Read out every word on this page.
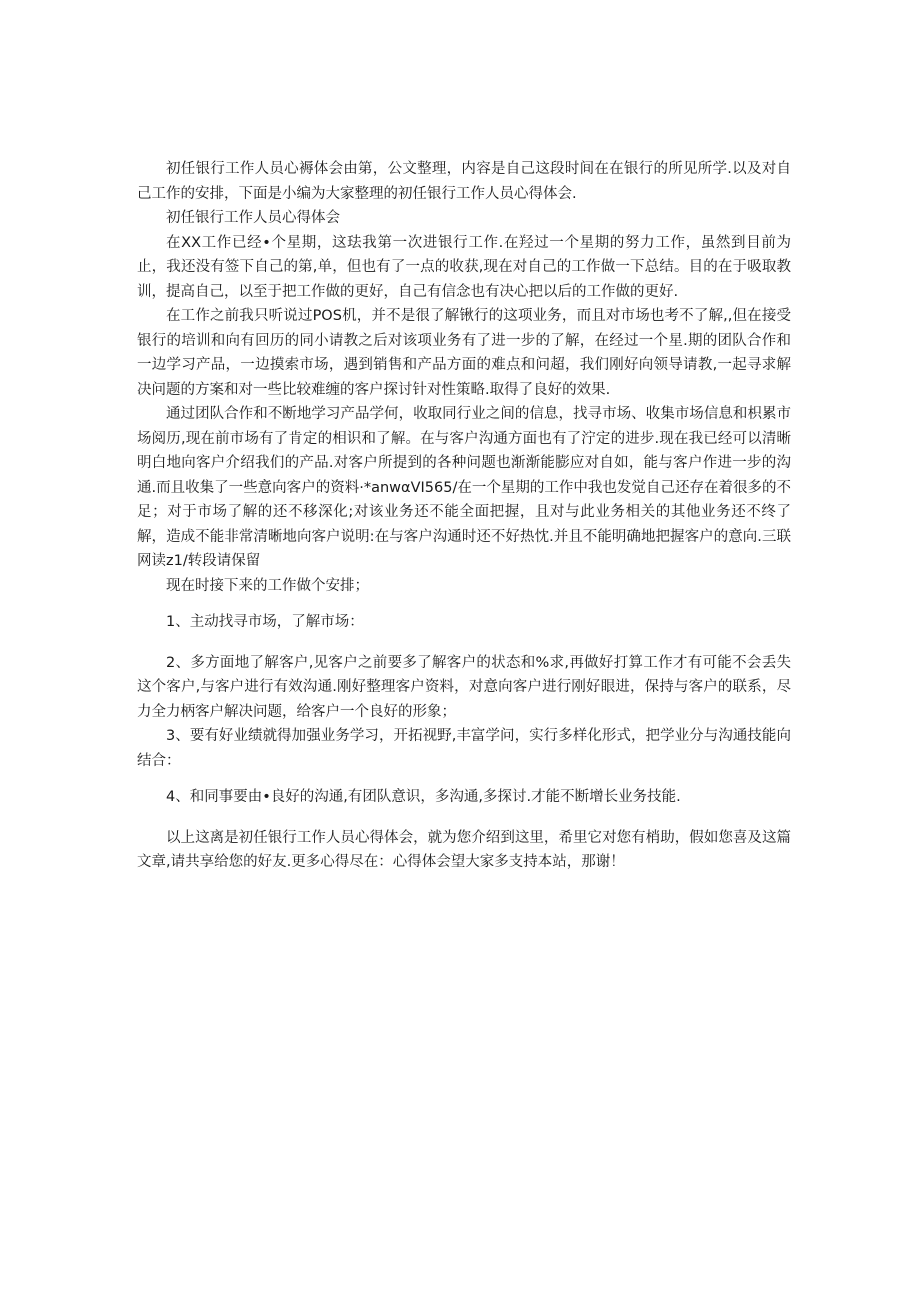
初任银行工作人员心褥体会由第，公文整理，内容是自己这段时间在在银行的所见所学.以及对自己工作的安排，下面是小编为大家整理的初任银行工作人员心得体会.

初任银行工作人员心得体会

在XX工作已经•个星期，这珐我第一次进银行工作.在羟过一个星期的努力工作，虽然到目前为止，我还没有签下自己的第,单，但也有了一点的收获,现在对自己的工作做一下总结。目的在于吸取教训，提高自己，以至于把工作做的更好，自己有信念也有决心把以后的工作做的更好.

在工作之前我只听说过POS机，并不是很了解锹行的这项业务，而且对市场也考不了解,,但在接受银行的培训和向有回历的同小请教之后对该项业务有了进一步的了解，在经过一个星.期的团队合作和一边学习产品，一边摸索市场，遇到销售和产品方面的难点和问超，我们刚好向领导请教,一起寻求解决问题的方案和对一些比较难缠的客户探讨针对性策略.取得了良好的效果.

通过团队合作和不断地学习产品学何，收取同行业之间的信息，找寻市场、收集市场信息和枳累市场阅历,现在前市场有了肯定的相识和了解。在与客户沟通方面也有了泞定的进步.现在我已经可以清晰明白地向客户介绍我们的产品.对客户所提到的各种问题也渐渐能膨应对自如，能与客户作进一步的沟通.而且收集了一些意向客户的资料·*anwαVI565/在一个星期的工作中我也发觉自己还存在着很多的不足；对于市场了解的还不移深化;对该业务还不能全面把握，且对与此业务相关的其他业务还不终了解，造成不能非常清晰地向客户说明:在与客户沟通时还不好热忱.并且不能明确地把握客户的意向.三联网读z1/转段请保留

现在时接下来的工作做个安排；

1、主动找寻市场，了解市场：

2、多方面地了解客户,见客户之前要多了解客户的状态和%求,再做好打算工作才有可能不会丢失这个客户,与客户进行有效沟通.刚好整理客户资料，对意向客户进行刚好眼进，保持与客户的联系，尽力全力柄客户解决问题，给客户一个良好的形象；

3、要有好业绩就得加强业务学习，开拓视野,丰富学问，实行多样化形式，把学业分与沟通技能向结合：

4、和同事要由•良好的沟通,有团队意识，多沟通,多探讨.才能不断增长业务技能.

以上这离是初任银行工作人员心得体会，就为您介绍到这里，希里它对您有梢助，假如您喜及这篇文章,请共享给您的好友.更多心得尽在：心得体会望大家多支持本站，那谢！
